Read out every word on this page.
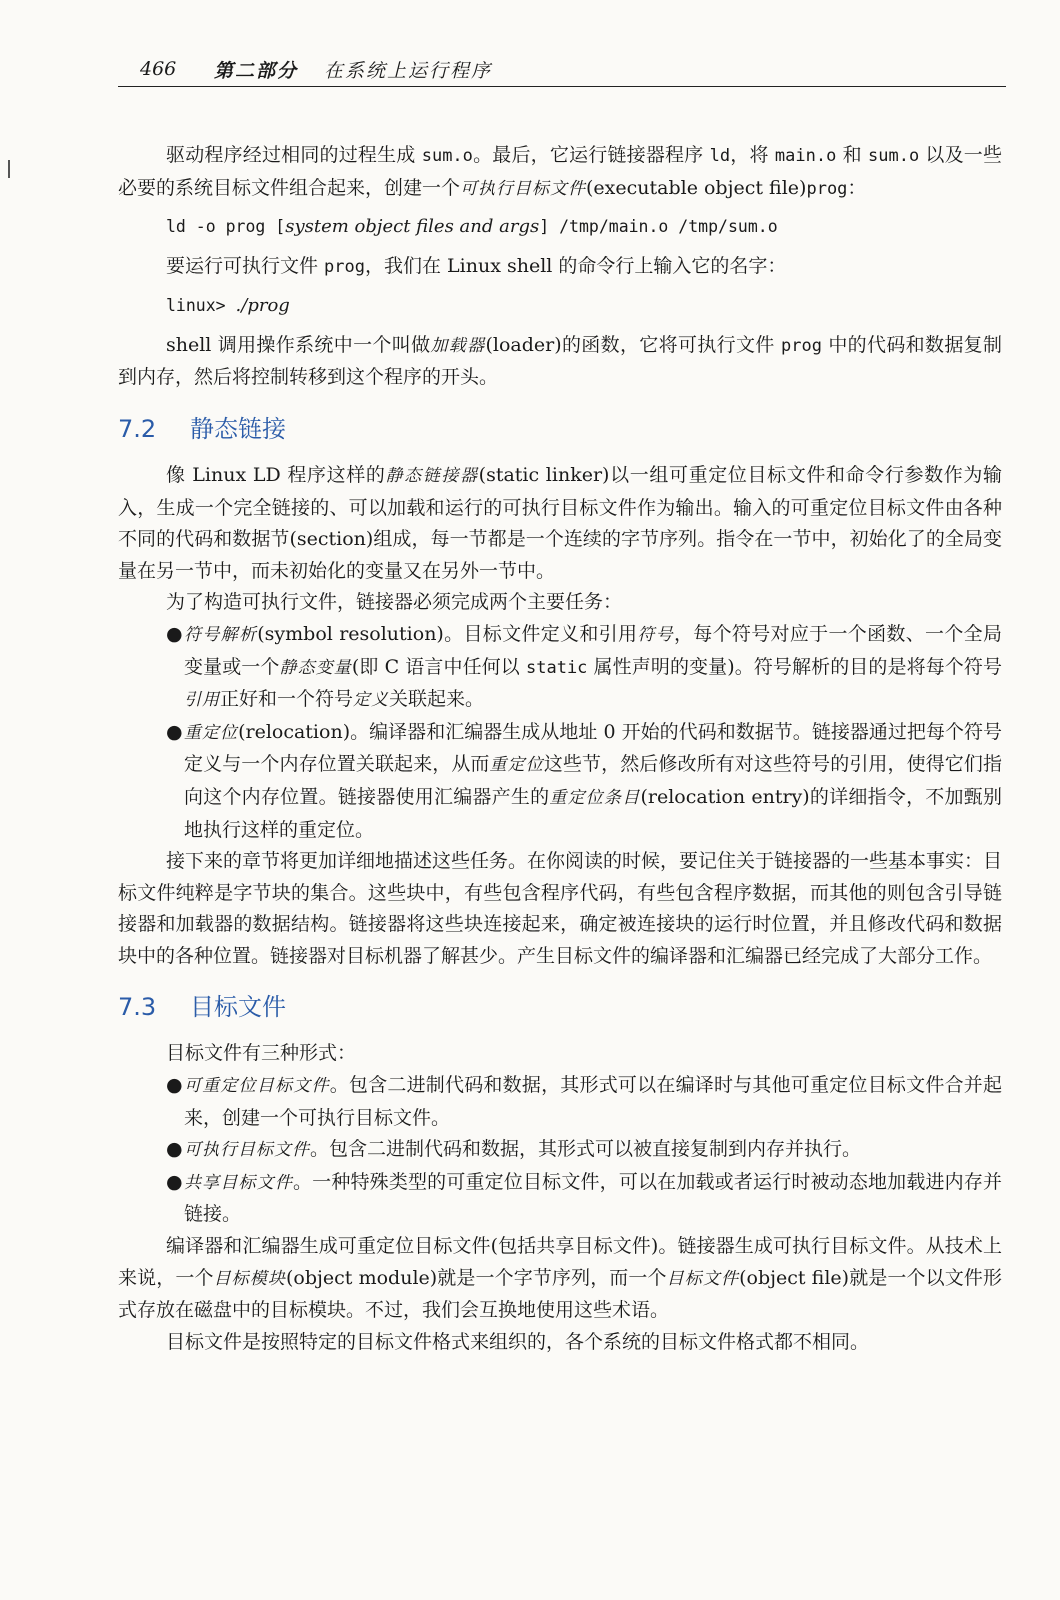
466 第二部分 在系统上运行程序

驱动程序经过相同的过程生成 sum.o。最后，它运行链接器程序 ld，将 main.o 和 sum.o 以及一些必要的系统目标文件组合起来，创建一个可执行目标文件(executable object file)prog：

ld -o prog [system object files and args] /tmp/main.o /tmp/sum.o

要运行可执行文件 prog，我们在 Linux shell 的命令行上输入它的名字：

linux> ./prog

shell 调用操作系统中一个叫做加载器(loader)的函数，它将可执行文件 prog 中的代码和数据复制到内存，然后将控制转移到这个程序的开头。

7.2 静态链接

像 Linux LD 程序这样的静态链接器(static linker)以一组可重定位目标文件和命令行参数作为输入，生成一个完全链接的、可以加载和运行的可执行目标文件作为输出。输入的可重定位目标文件由各种不同的代码和数据节(section)组成，每一节都是一个连续的字节序列。指令在一节中，初始化了的全局变量在另一节中，而未初始化的变量又在另外一节中。

为了构造可执行文件，链接器必须完成两个主要任务：

● 符号解析(symbol resolution)。目标文件定义和引用符号，每个符号对应于一个函数、一个全局变量或一个静态变量(即 C 语言中任何以 static 属性声明的变量)。符号解析的目的是将每个符号引用正好和一个符号定义关联起来。
● 重定位(relocation)。编译器和汇编器生成从地址 0 开始的代码和数据节。链接器通过把每个符号定义与一个内存位置关联起来，从而重定位这些节，然后修改所有对这些符号的引用，使得它们指向这个内存位置。链接器使用汇编器产生的重定位条目(relocation entry)的详细指令，不加甄别地执行这样的重定位。

接下来的章节将更加详细地描述这些任务。在你阅读的时候，要记住关于链接器的一些基本事实：目标文件纯粹是字节块的集合。这些块中，有些包含程序代码，有些包含程序数据，而其他的则包含引导链接器和加载器的数据结构。链接器将这些块连接起来，确定被连接块的运行时位置，并且修改代码和数据块中的各种位置。链接器对目标机器了解甚少。产生目标文件的编译器和汇编器已经完成了大部分工作。

7.3 目标文件

目标文件有三种形式：

● 可重定位目标文件。包含二进制代码和数据，其形式可以在编译时与其他可重定位目标文件合并起来，创建一个可执行目标文件。
● 可执行目标文件。包含二进制代码和数据，其形式可以被直接复制到内存并执行。
● 共享目标文件。一种特殊类型的可重定位目标文件，可以在加载或者运行时被动态地加载进内存并链接。

编译器和汇编器生成可重定位目标文件(包括共享目标文件)。链接器生成可执行目标文件。从技术上来说，一个目标模块(object module)就是一个字节序列，而一个目标文件(object file)就是一个以文件形式存放在磁盘中的目标模块。不过，我们会互换地使用这些术语。

目标文件是按照特定的目标文件格式来组织的，各个系统的目标文件格式都不相同。
